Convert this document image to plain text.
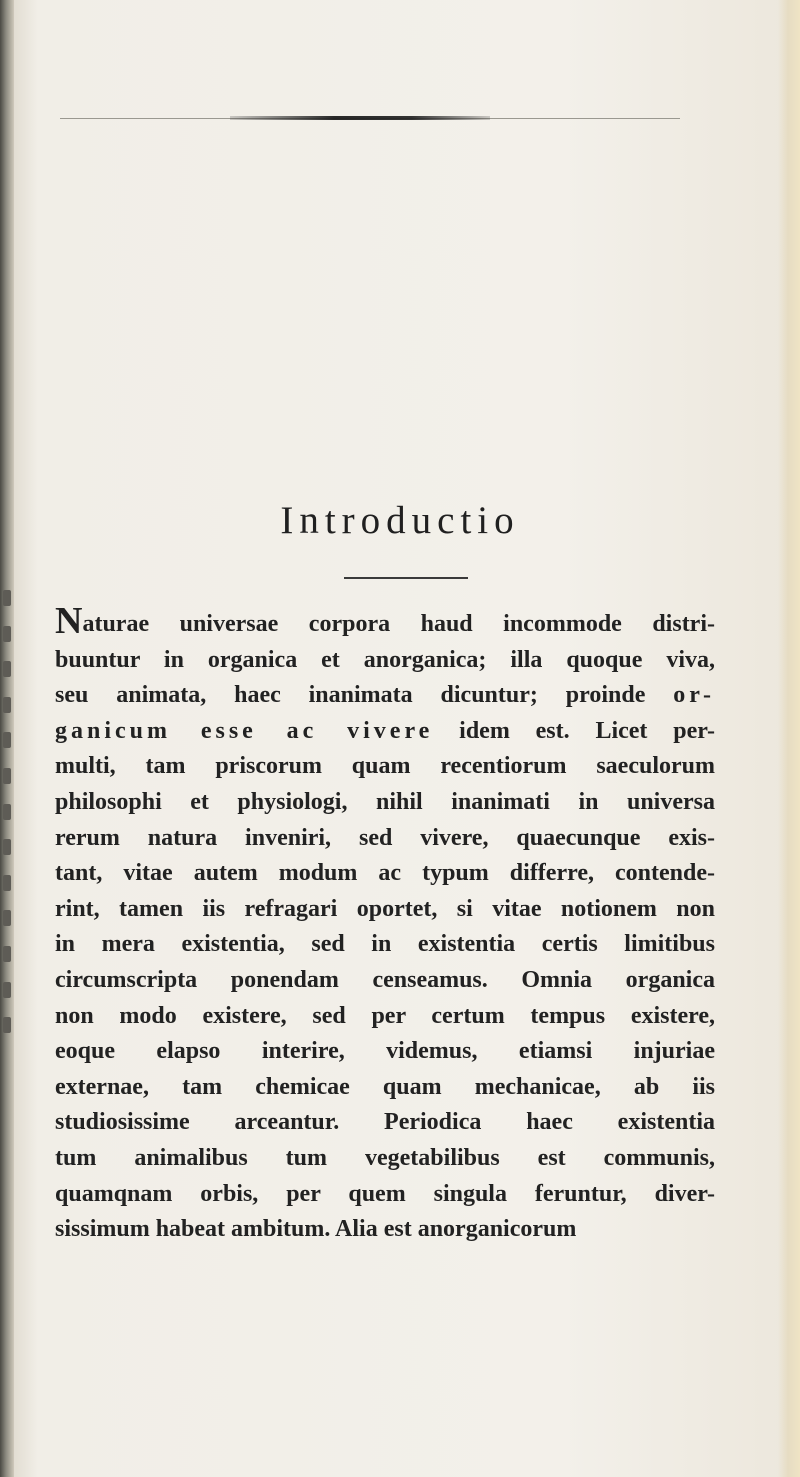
Introductio
Naturae universae corpora haud incommode distri-
buuntur in organica et anorganica; illa quoque viva,
seu animata, haec inanimata dicuntur; proinde or-
ganicum esse ac vivere idem est. Licet per-
multi, tam priscorum quam recentiorum saeculorum
philosophi et physiologi, nihil inanimati in universa
rerum natura inveniri, sed vivere, quaecunque exis-
tant, vitae autem modum ac typum differre, contende-
rint, tamen iis refragari oportet, si vitae notionem non
in mera existentia, sed in existentia certis limitibus
circumscripta ponendam censeamus. Omnia organica
non modo existere, sed per certum tempus existere,
eoque elapso interire, videmus, etiamsi injuriae
externae, tam chemicae quam mechanicae, ab iis
studiosissime arceantur. Periodica haec existentia
tum animalibus tum vegetabilibus est communis,
quamqnam orbis, per quem singula feruntur, diver-
sissimum habeat ambitum. Alia est anorganicorum
